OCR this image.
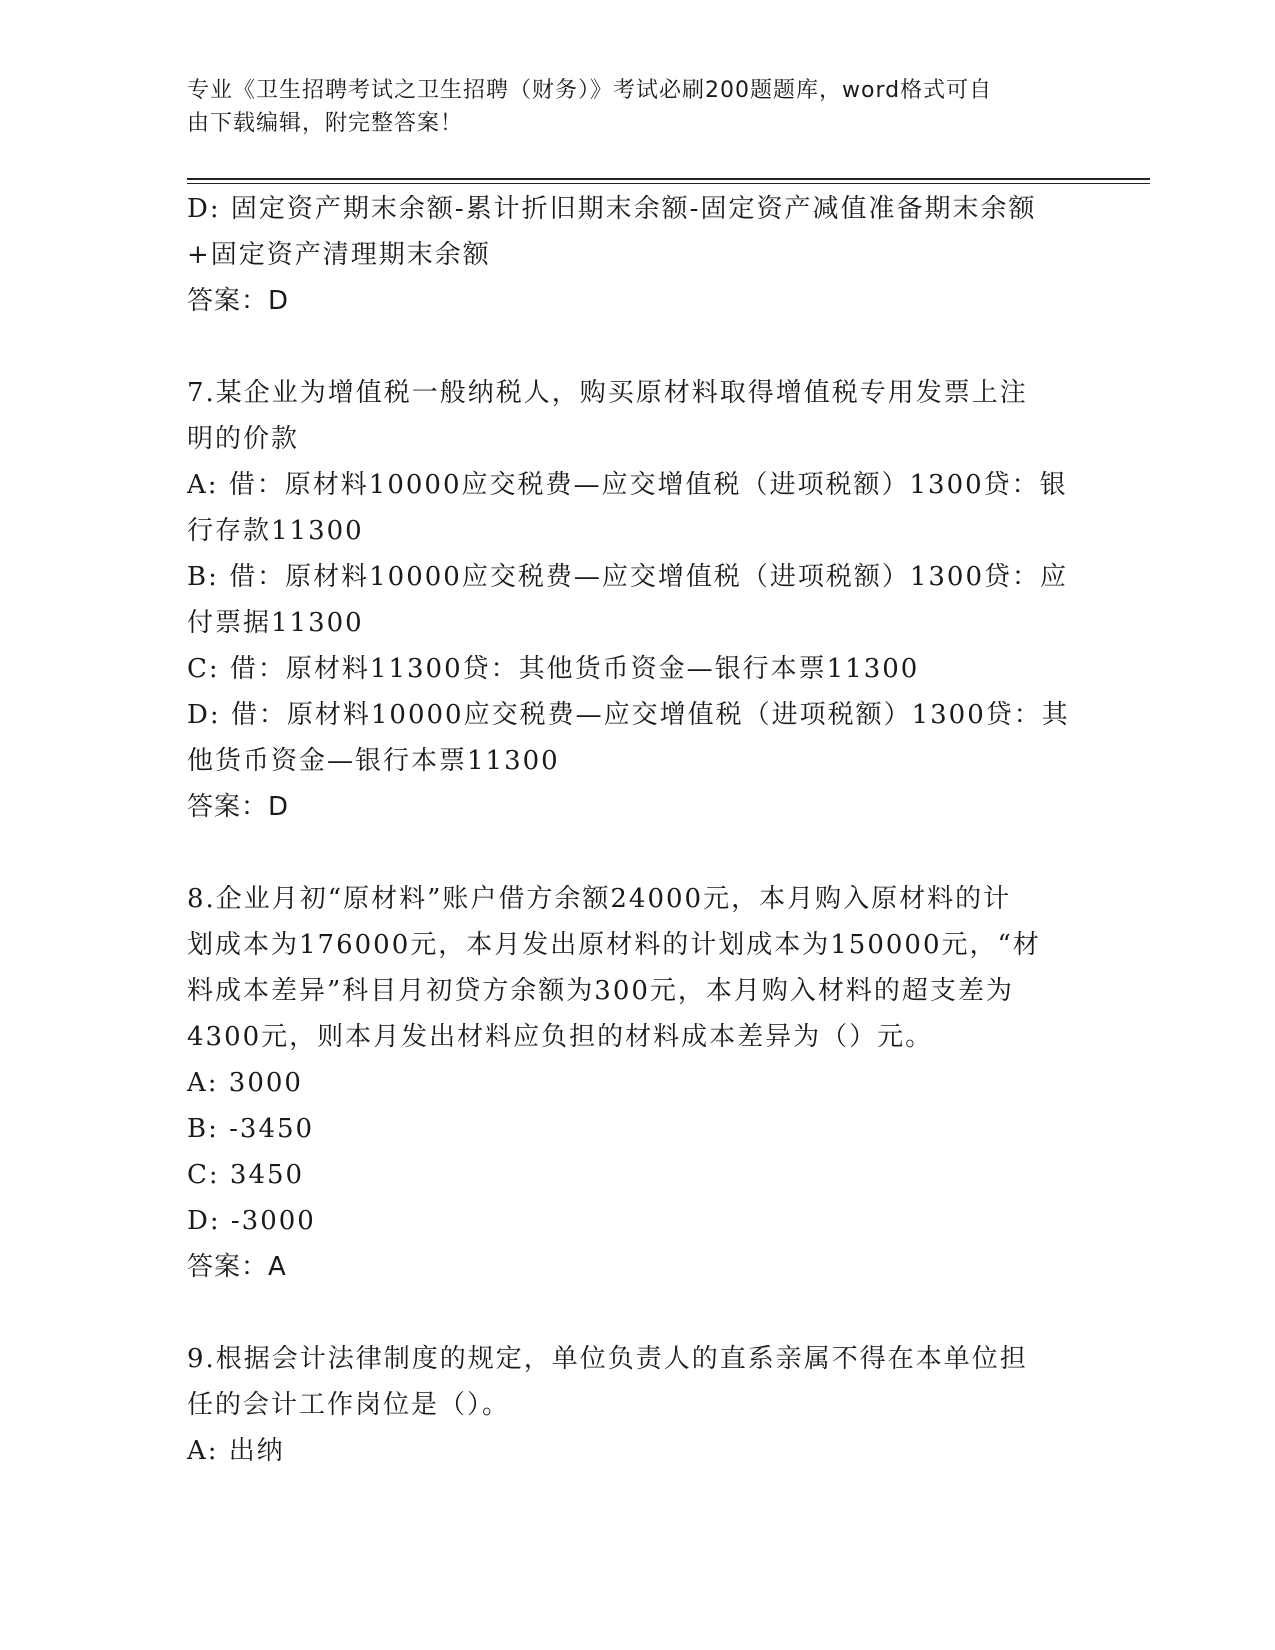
专业《卫生招聘考试之卫生招聘（财务）》考试必刷200题题库，word格式可自
由下载编辑，附完整答案！
D: 固定资产期末余额-累计折旧期末余额-固定资产减值准备期末余额
+固定资产清理期末余额
答案：D
7.某企业为增值税一般纳税人，购买原材料取得增值税专用发票上注
明的价款
A: 借：原材料10000应交税费—应交增值税（进项税额）1300贷：银
行存款11300
B: 借：原材料10000应交税费—应交增值税（进项税额）1300贷：应
付票据11300
C: 借：原材料11300贷：其他货币资金—银行本票11300
D: 借：原材料10000应交税费—应交增值税（进项税额）1300贷：其
他货币资金—银行本票11300
答案：D
8.企业月初“原材料”账户借方余额24000元，本月购入原材料的计
划成本为176000元，本月发出原材料的计划成本为150000元，“材
料成本差异”科目月初贷方余额为300元，本月购入材料的超支差为
4300元，则本月发出材料应负担的材料成本差异为（）元。
A: 3000
B: -3450
C: 3450
D: -3000
答案：A
9.根据会计法律制度的规定，单位负责人的直系亲属不得在本单位担
任的会计工作岗位是（）。
A: 出纳
